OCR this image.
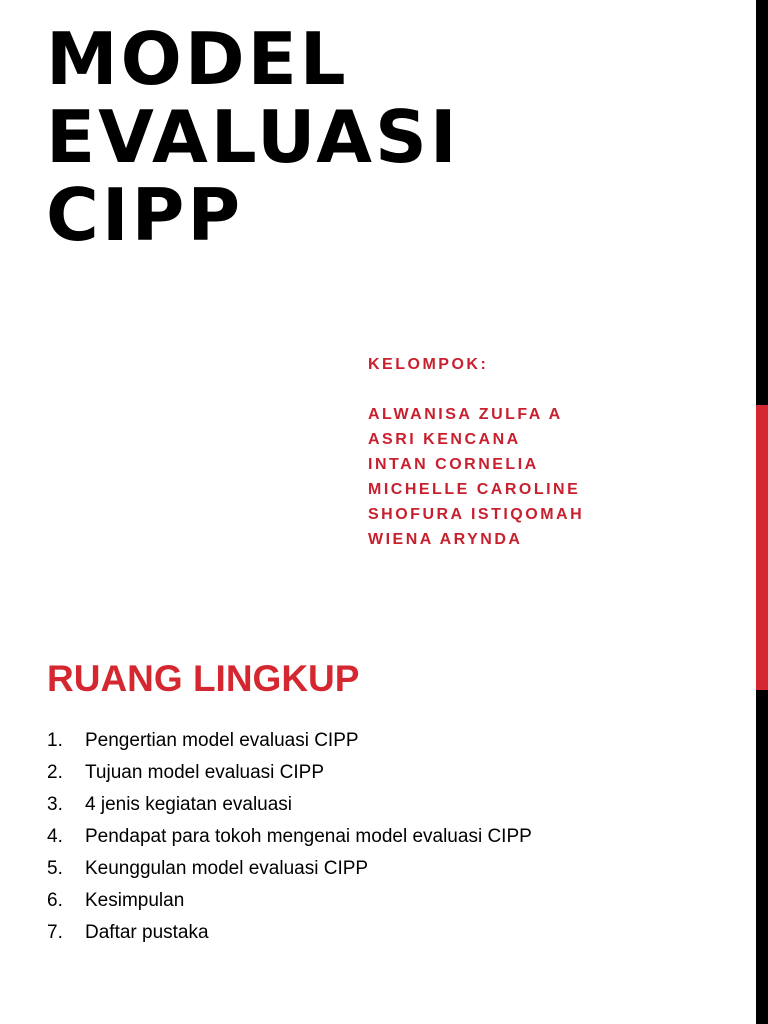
MODEL
EVALUASI
CIPP
KELOMPOK:
ALWANISA ZULFA A
ASRI KENCANA
INTAN CORNELIA
MICHELLE CAROLINE
SHOFURA ISTIQOMAH
WIENA ARYNDA
RUANG LINGKUP
1. Pengertian model evaluasi CIPP
2. Tujuan model evaluasi CIPP
3. 4 jenis kegiatan evaluasi
4. Pendapat para tokoh mengenai model evaluasi CIPP
5. Keunggulan model evaluasi CIPP
6. Kesimpulan
7. Daftar pustaka
